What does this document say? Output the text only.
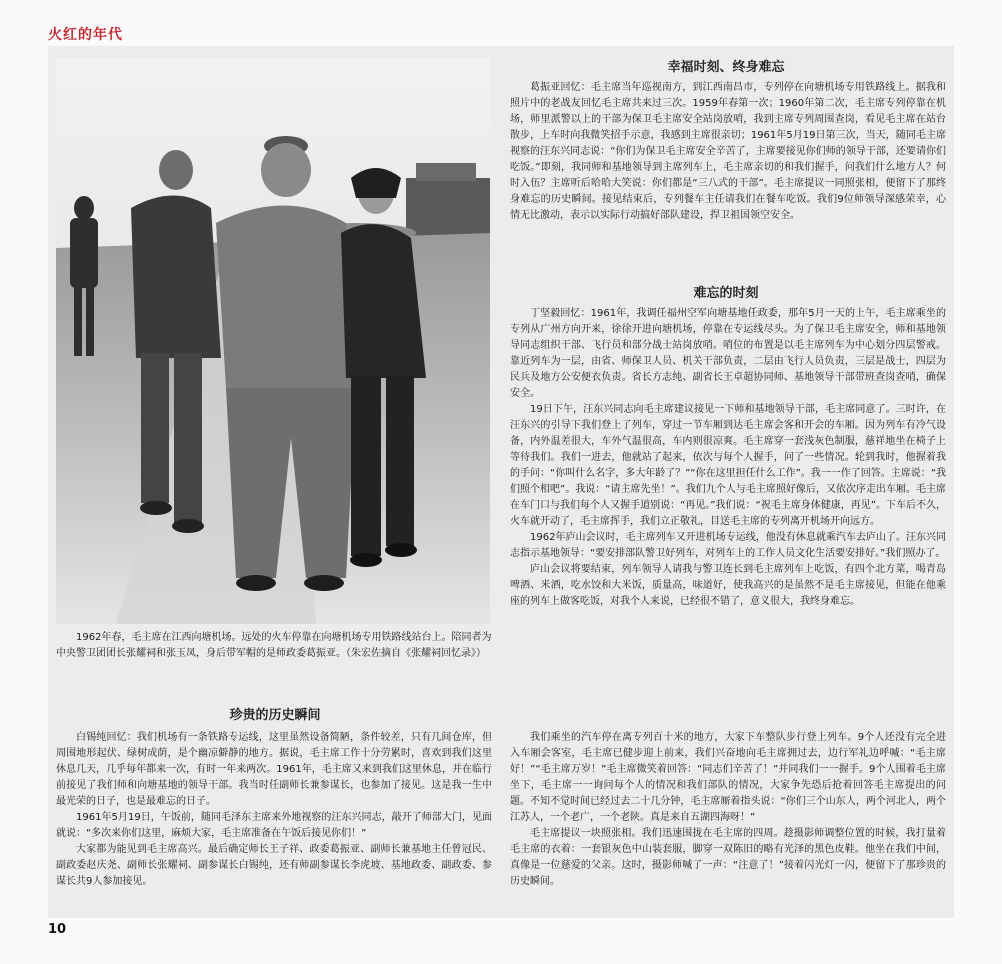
火红的年代
1962年春，毛主席在江西向塘机场。远处的火车停靠在向塘机场专用铁路线站台上。陪同者为中央警卫团团长张耀祠和张玉凤，身后带军帽的是师政委葛振亚。（朱宏佐摘自《张耀祠回忆录》）
幸福时刻、终身难忘

葛振亚回忆：毛主席当年巡视南方，到江西南昌市，专列停在向塘机场专用铁路线上。据我和照片中的老战友回忆毛主席共来过三次。1959年春第一次；1960年第二次，毛主席专列停靠在机场，师里派警以上的干部为保卫毛主席安全站岗放哨，我到主席专列周围查岗，看见毛主席在站台散步，上车时向我微笑招手示意，我感到主席很亲切；1961年5月19日第三次，当天，随同毛主席视察的汪东兴同志说：“你们为保卫毛主席安全辛苦了，主席要接见你们师的领导干部，还要请你们吃饭。”即刻，我同师和基地领导到主席列车上，毛主席亲切的和我们握手，问我们什么地方人？何时入伍？主席听后哈哈大笑说：你们都是“三八式的干部”。毛主席提议一同照张相，便留下了那终身难忘的历史瞬间。接见结束后，专列餐车主任请我们在餐车吃饭。我们9位师领导深感荣幸，心情无比激动，表示以实际行动搞好部队建设，捍卫祖国领空安全。

难忘的时刻

丁坚毅回忆：1961年，我调任福州空军向塘基地任政委，那年5月一天的上午，毛主席乘坐的专列从广州方向开来，徐徐开进向塘机场，停靠在专运线尽头。为了保卫毛主席安全，师和基地领导同志组织干部、飞行员和部分战士站岗放哨。哨位的布置是以毛主席列车为中心划分四层警戒。靠近列车为一层，由省、师保卫人员、机关干部负责，二层由飞行人员负责，三层是战士，四层为民兵及地方公安便衣负责。省长方志纯、副省长王卓超协同师、基地领导干部带班查岗查哨，确保安全。

19日下午，汪东兴同志向毛主席建议接见一下师和基地领导干部，毛主席同意了。三时许，在汪东兴的引导下我们登上了列车，穿过一节车厢到达毛主席会客和开会的车厢。因为列车有冷气设备，内外温差很大，车外气温很高，车内则很凉爽。毛主席穿一套浅灰色制服，慈祥地坐在椅子上等待我们。我们一进去，他就站了起来，依次与每个人握手，问了一些情况。轮到我时，他握着我的手问：“你叫什么名字，多大年龄了？”“你在这里担任什么工作”。我一一作了回答。主席说：“我们照个相吧”。我说：“请主席先坐！”。我们九个人与毛主席照好像后，又依次序走出车厢。毛主席在车门口与我们每个人又握手道别说：“再见。”我们说：“祝毛主席身体健康，再见”。下车后不久，火车就开动了，毛主席挥手，我们立正敬礼，目送毛主席的专列离开机场开向远方。

1962年庐山会议时，毛主席列车又开进机场专运线，他没有休息就乘汽车去庐山了。汪东兴同志指示基地领导：“要安排部队警卫好列车，对列车上的工作人员文化生活要安排好。”我们照办了。

庐山会议将要结束，列车领导人请我与警卫连长到毛主席列车上吃饭，有四个北方菜，喝青岛啤酒、米酒，吃水饺和大米饭，质量高，味道好，使我高兴的是虽然不是毛主席接见，但能在他乘座的列车上做客吃饭，对我个人来说，已经很不错了，意义很大，我终身难忘。

珍贵的历史瞬间

白锡纯回忆：我们机场有一条铁路专运线，这里虽然设备简陋，条件较差，只有几间仓库，但周围地形起伏、绿树成荫，是个幽凉僻静的地方。据说，毛主席工作十分劳累时，喜欢到我们这里休息几天，几乎每年都来一次，有时一年来两次。1961年，毛主席又来到我们这里休息，并在临行前接见了我们师和向塘基地的领导干部。我当时任副师长兼参谋长，也参加了接见。这是我一生中最光荣的日子，也是最难忘的日子。

1961年5月19日，午饭前，随同毛泽东主席来外地视察的汪东兴同志，敲开了师部大门，见面就说：“多次来你们这里，麻烦大家，毛主席准备在午饭后接见你们！”

大家都为能见到毛主席高兴。最后确定师长王子祥、政委葛振亚、副师长兼基地主任曾冠民、副政委赵庆尧、副师长张耀祠、副参谋长白锡纯，还有师副参谋长李虎坡、基地政委、副政委、参谋长共9人参加接见。

我们乘坐的汽车停在离专列百十米的地方，大家下车整队步行登上列车。9个人还没有完全进入车厢会客室，毛主席已健步迎上前来，我们兴奋地向毛主席拥过去，边行军礼边呼喊：“毛主席好！”“毛主席万岁！”毛主席微笑着回答：“同志们辛苦了！”并同我们一一握手。9个人围着毛主席坐下，毛主席一一询问每个人的情况和我们部队的情况，大家争先恐后抢着回答毛主席提出的问题。不知不觉时间已经过去二十几分钟，毛主席厮着指头说：“你们三个山东人，两个河北人，两个江苏人，一个老广，一个老陕。真是来自五湖四海呀！”

毛主席提议一块照张相。我们迅速围拢在毛主席的四周。趁摄影师调整位置的时候，我打量着毛主席的衣着：一套银灰色中山装套服，脚穿一双陈旧的略有光泽的黑色皮鞋。他坐在我们中间，真像是一位慈爱的父亲。这时，摄影师喊了一声：“注意了！”接着闪光灯一闪，便留下了那珍贵的历史瞬间。

10
